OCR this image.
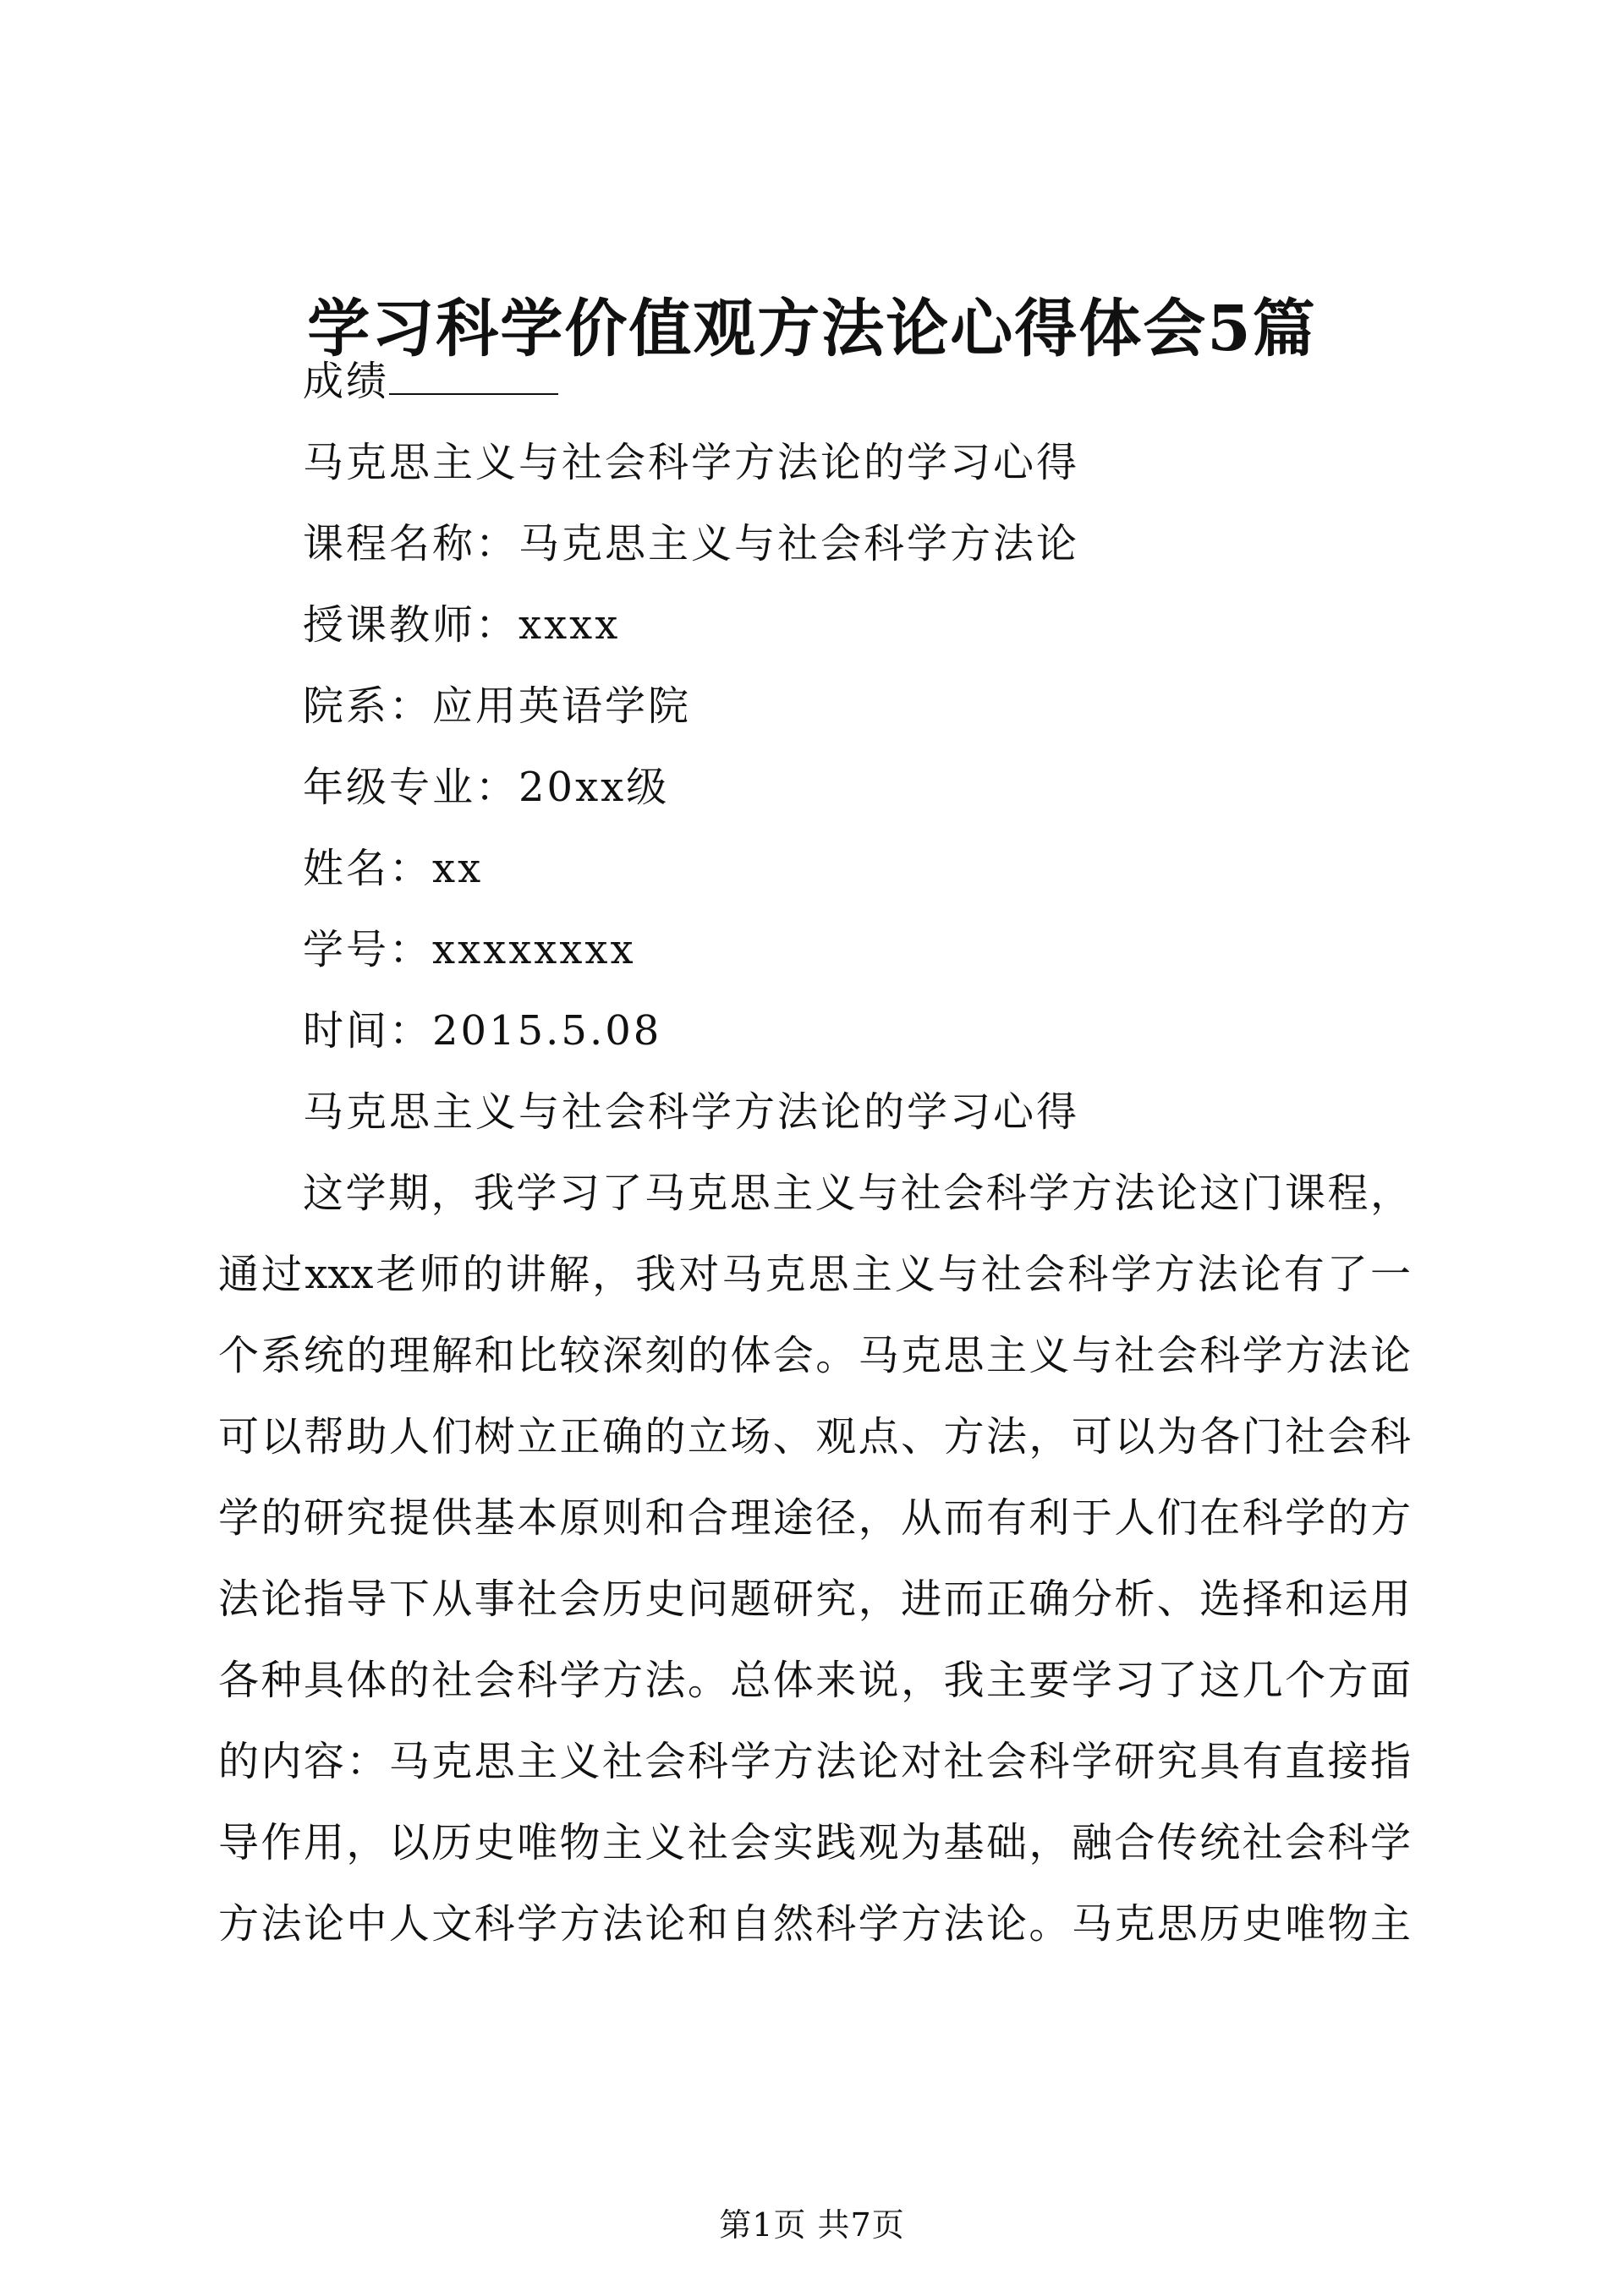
学习科学价值观方法论心得体会5篇
成绩
马克思主义与社会科学方法论的学习心得
课程名称：马克思主义与社会科学方法论
授课教师：xxxx
院系：应用英语学院
年级专业：20xx级
姓名：xx
学号：xxxxxxxx
时间：2015.5.08
马克思主义与社会科学方法论的学习心得
这学期，我学习了马克思主义与社会科学方法论这门课程，
通过xxx老师的讲解，我对马克思主义与社会科学方法论有了一
个系统的理解和比较深刻的体会。马克思主义与社会科学方法论
可以帮助人们树立正确的立场、观点、方法，可以为各门社会科
学的研究提供基本原则和合理途径，从而有利于人们在科学的方
法论指导下从事社会历史问题研究，进而正确分析、选择和运用
各种具体的社会科学方法。总体来说，我主要学习了这几个方面
的内容：马克思主义社会科学方法论对社会科学研究具有直接指
导作用，以历史唯物主义社会实践观为基础，融合传统社会科学
方法论中人文科学方法论和自然科学方法论。马克思历史唯物主
第1页 共7页
